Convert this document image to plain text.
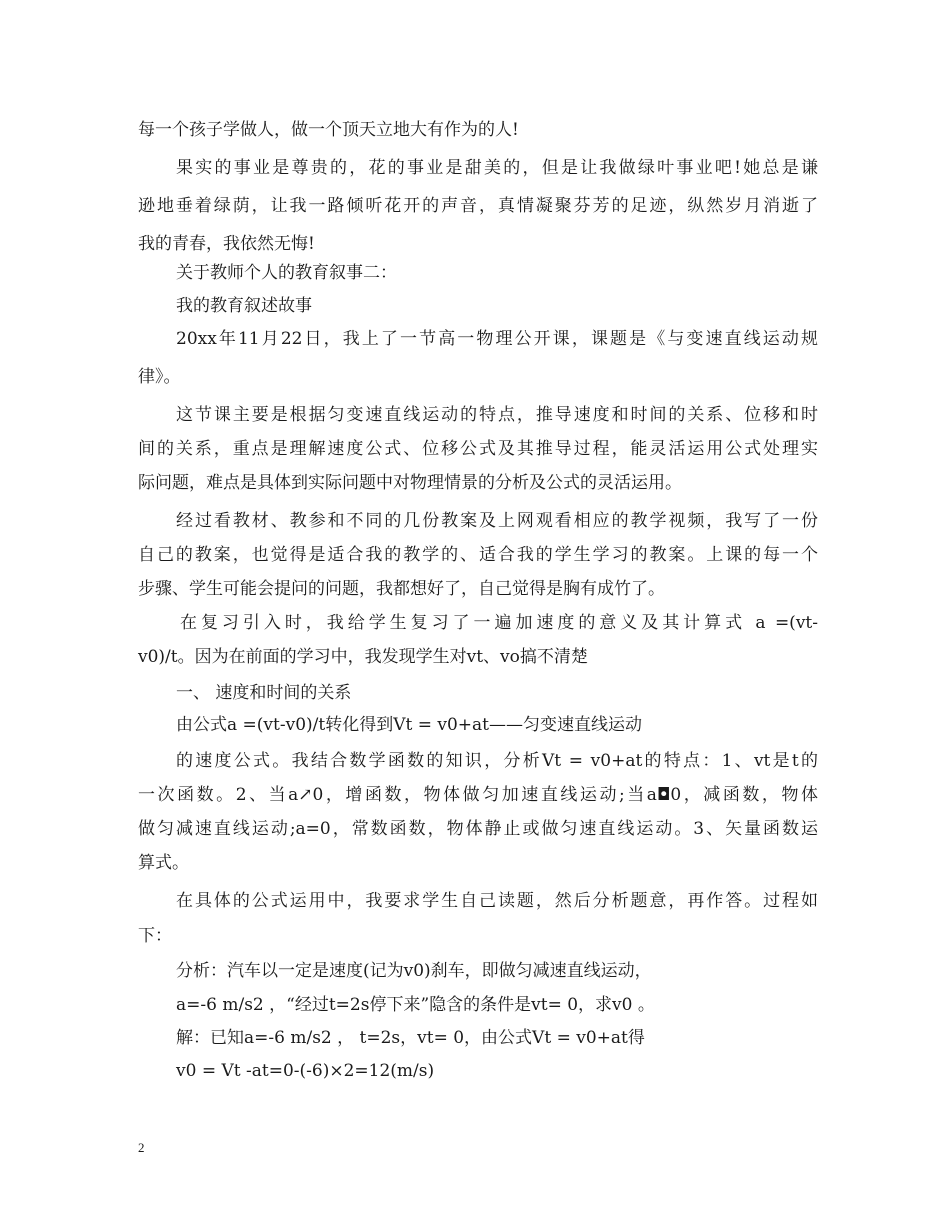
每一个孩子学做人，做一个顶天立地大有作为的人!
果实的事业是尊贵的，花的事业是甜美的，但是让我做绿叶事业吧!她总是谦
逊地垂着绿荫，让我一路倾听花开的声音，真情凝聚芬芳的足迹，纵然岁月消逝了
我的青春，我依然无悔!
关于教师个人的教育叙事二：
我的教育叙述故事
20xx年11月22日，我上了一节高一物理公开课，课题是《与变速直线运动规
律》。
这节课主要是根据匀变速直线运动的特点，推导速度和时间的关系、位移和时
间的关系，重点是理解速度公式、位移公式及其推导过程，能灵活运用公式处理实
际问题，难点是具体到实际问题中对物理情景的分析及公式的灵活运用。
经过看教材、教参和不同的几份教案及上网观看相应的教学视频，我写了一份
自己的教案，也觉得是适合我的教学的、适合我的学生学习的教案。上课的每一个
步骤、学生可能会提问的问题，我都想好了，自己觉得是胸有成竹了。
在复习引入时，我给学生复习了一遍加速度的意义及其计算式 a =(vt-
v0)/t。因为在前面的学习中，我发现学生对vt、vo搞不清楚
一、 速度和时间的关系
由公式a =(vt-v0)/t转化得到Vt = v0+at——匀变速直线运动
的速度公式。我结合数学函数的知识，分析Vt = v0+at的特点：1、vt是t的
一次函数。2、当a↗0，增函数，物体做匀加速直线运动;当a◘0，减函数，物体
做匀减速直线运动;a=0，常数函数，物体静止或做匀速直线运动。3、矢量函数运
算式。
在具体的公式运用中，我要求学生自己读题，然后分析题意，再作答。过程如
下：
分析：汽车以一定是速度(记为v0)刹车，即做匀减速直线运动，
a=-6 m/s2 ，“经过t=2s停下来”隐含的条件是vt= 0，求v0 。
解：已知a=-6 m/s2 ， t=2s，vt= 0，由公式Vt = v0+at得
v0 = Vt -at=0-(-6)×2=12(m/s)
2
